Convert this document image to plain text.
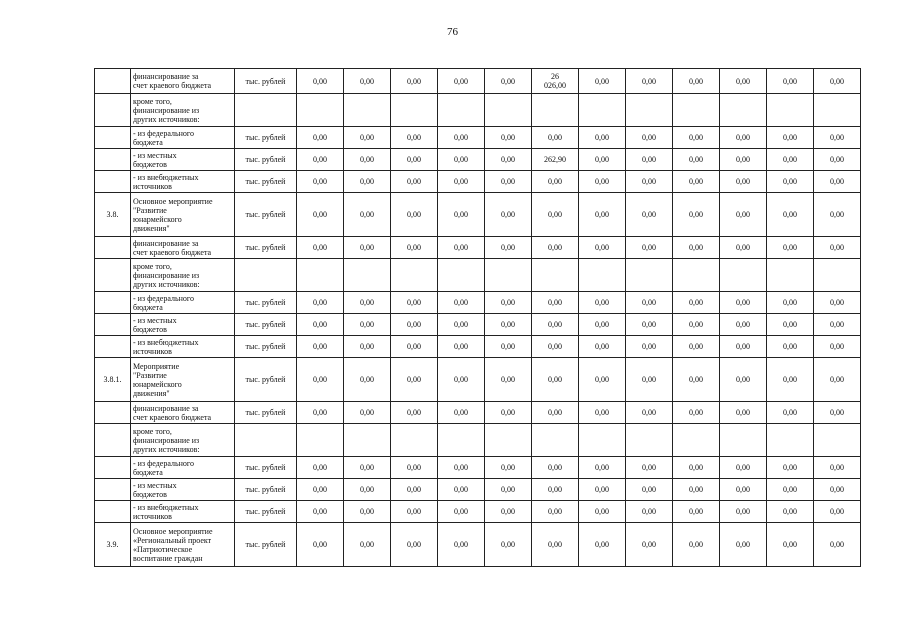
76
	финансирование за
счет краевого бюджета	тыс. рублей	0,00	0,00	0,00	0,00	0,00	26
026,00	0,00	0,00	0,00	0,00	0,00	0,00
	кроме того,
финансирование из
других источников:													
	- из федерального
бюджета	тыс. рублей	0,00	0,00	0,00	0,00	0,00	0,00	0,00	0,00	0,00	0,00	0,00	0,00
	- из местных
бюджетов	тыс. рублей	0,00	0,00	0,00	0,00	0,00	262,90	0,00	0,00	0,00	0,00	0,00	0,00
	- из внебюджетных
источников	тыс. рублей	0,00	0,00	0,00	0,00	0,00	0,00	0,00	0,00	0,00	0,00	0,00	0,00
3.8.	Основное мероприятие
"Развитие
юнармейского
движения"	тыс. рублей	0,00	0,00	0,00	0,00	0,00	0,00	0,00	0,00	0,00	0,00	0,00	0,00
	финансирование за
счет краевого бюджета	тыс. рублей	0,00	0,00	0,00	0,00	0,00	0,00	0,00	0,00	0,00	0,00	0,00	0,00
	кроме того,
финансирование из
других источников:													
	- из федерального
бюджета	тыс. рублей	0,00	0,00	0,00	0,00	0,00	0,00	0,00	0,00	0,00	0,00	0,00	0,00
	- из местных
бюджетов	тыс. рублей	0,00	0,00	0,00	0,00	0,00	0,00	0,00	0,00	0,00	0,00	0,00	0,00
	- из внебюджетных
источников	тыс. рублей	0,00	0,00	0,00	0,00	0,00	0,00	0,00	0,00	0,00	0,00	0,00	0,00
3.8.1.	Мероприятие
"Развитие
юнармейского
движения"	тыс. рублей	0,00	0,00	0,00	0,00	0,00	0,00	0,00	0,00	0,00	0,00	0,00	0,00
	финансирование за
счет краевого бюджета	тыс. рублей	0,00	0,00	0,00	0,00	0,00	0,00	0,00	0,00	0,00	0,00	0,00	0,00
	кроме того,
финансирование из
других источников:													
	- из федерального
бюджета	тыс. рублей	0,00	0,00	0,00	0,00	0,00	0,00	0,00	0,00	0,00	0,00	0,00	0,00
	- из местных
бюджетов	тыс. рублей	0,00	0,00	0,00	0,00	0,00	0,00	0,00	0,00	0,00	0,00	0,00	0,00
	- из внебюджетных
источников	тыс. рублей	0,00	0,00	0,00	0,00	0,00	0,00	0,00	0,00	0,00	0,00	0,00	0,00
3.9.	Основное мероприятие
«Региональный проект
«Патриотическое
воспитание граждан	тыс. рублей	0,00	0,00	0,00	0,00	0,00	0,00	0,00	0,00	0,00	0,00	0,00	0,00
